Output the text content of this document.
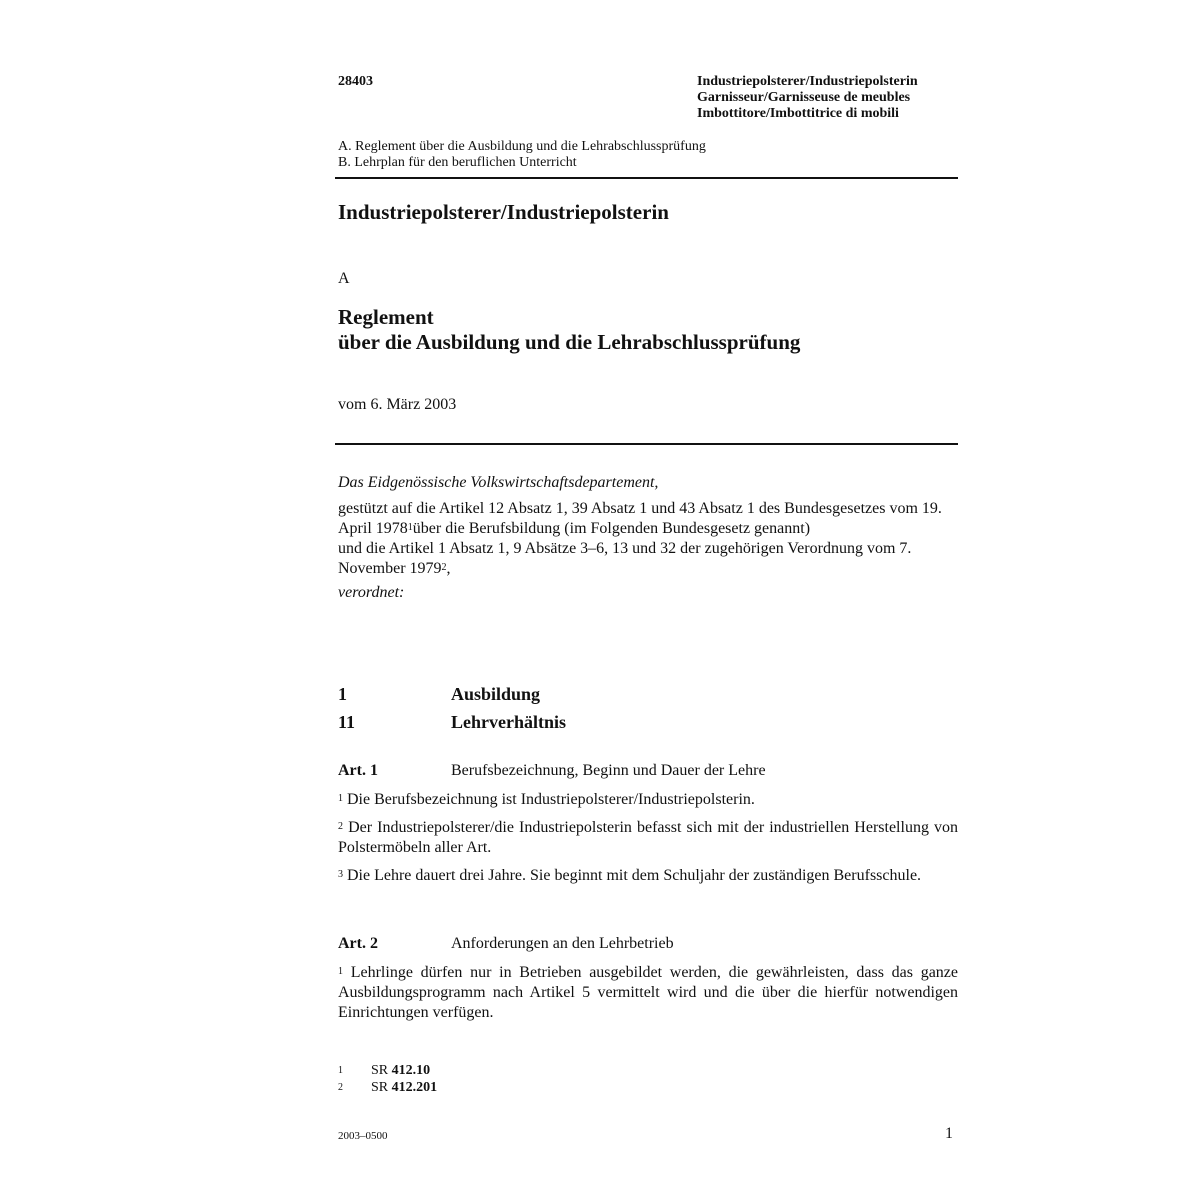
28403	Industriepolsterer/Industriepolsterin
Garnisseur/Garnisseuse de meubles
Imbottitore/Imbottitrice di mobili
A. Reglement über die Ausbildung und die Lehrabschlussprüfung
B. Lehrplan für den beruflichen Unterricht
Industriepolsterer/Industriepolsterin
A
Reglement
über die Ausbildung und die Lehrabschlussprüfung
vom 6. März 2003

Das Eidgenössische Volkswirtschaftsdepartement,

gestützt auf die Artikel 12 Absatz 1, 39 Absatz 1 und 43 Absatz 1 des Bundesgesetzes vom 19. April 1978$^1$über die Berufsbildung (im Folgenden Bundesgesetz genannt)

und die Artikel 1 Absatz 1, 9 Absätze 3–6, 13 und 32 der zugehörigen Verordnung vom 7. November 1979$^2$,

verordnet:

1	Ausbildung
11	Lehrverhältnis
Art. 1	Berufsbezeichnung, Beginn und Dauer der Lehre
$^1$ Die Berufsbezeichnung ist Industriepolsterer/Industriepolsterin.
$^2$ Der Industriepolsterer/die Industriepolsterin befasst sich mit der industriellen Herstellung von Polstermöbeln aller Art.
$^3$ Die Lehre dauert drei Jahre. Sie beginnt mit dem Schuljahr der zuständigen Berufsschule.
Art. 2	Anforderungen an den Lehrbetrieb
$^1$ Lehrlinge dürfen nur in Betrieben ausgebildet werden, die gewährleisten, dass das ganze Ausbildungsprogramm nach Artikel 5 vermittelt wird und die über die hierfür notwendigen Einrichtungen verfügen.
1 SR 412.10
2 SR 412.201
2003–0500	1
